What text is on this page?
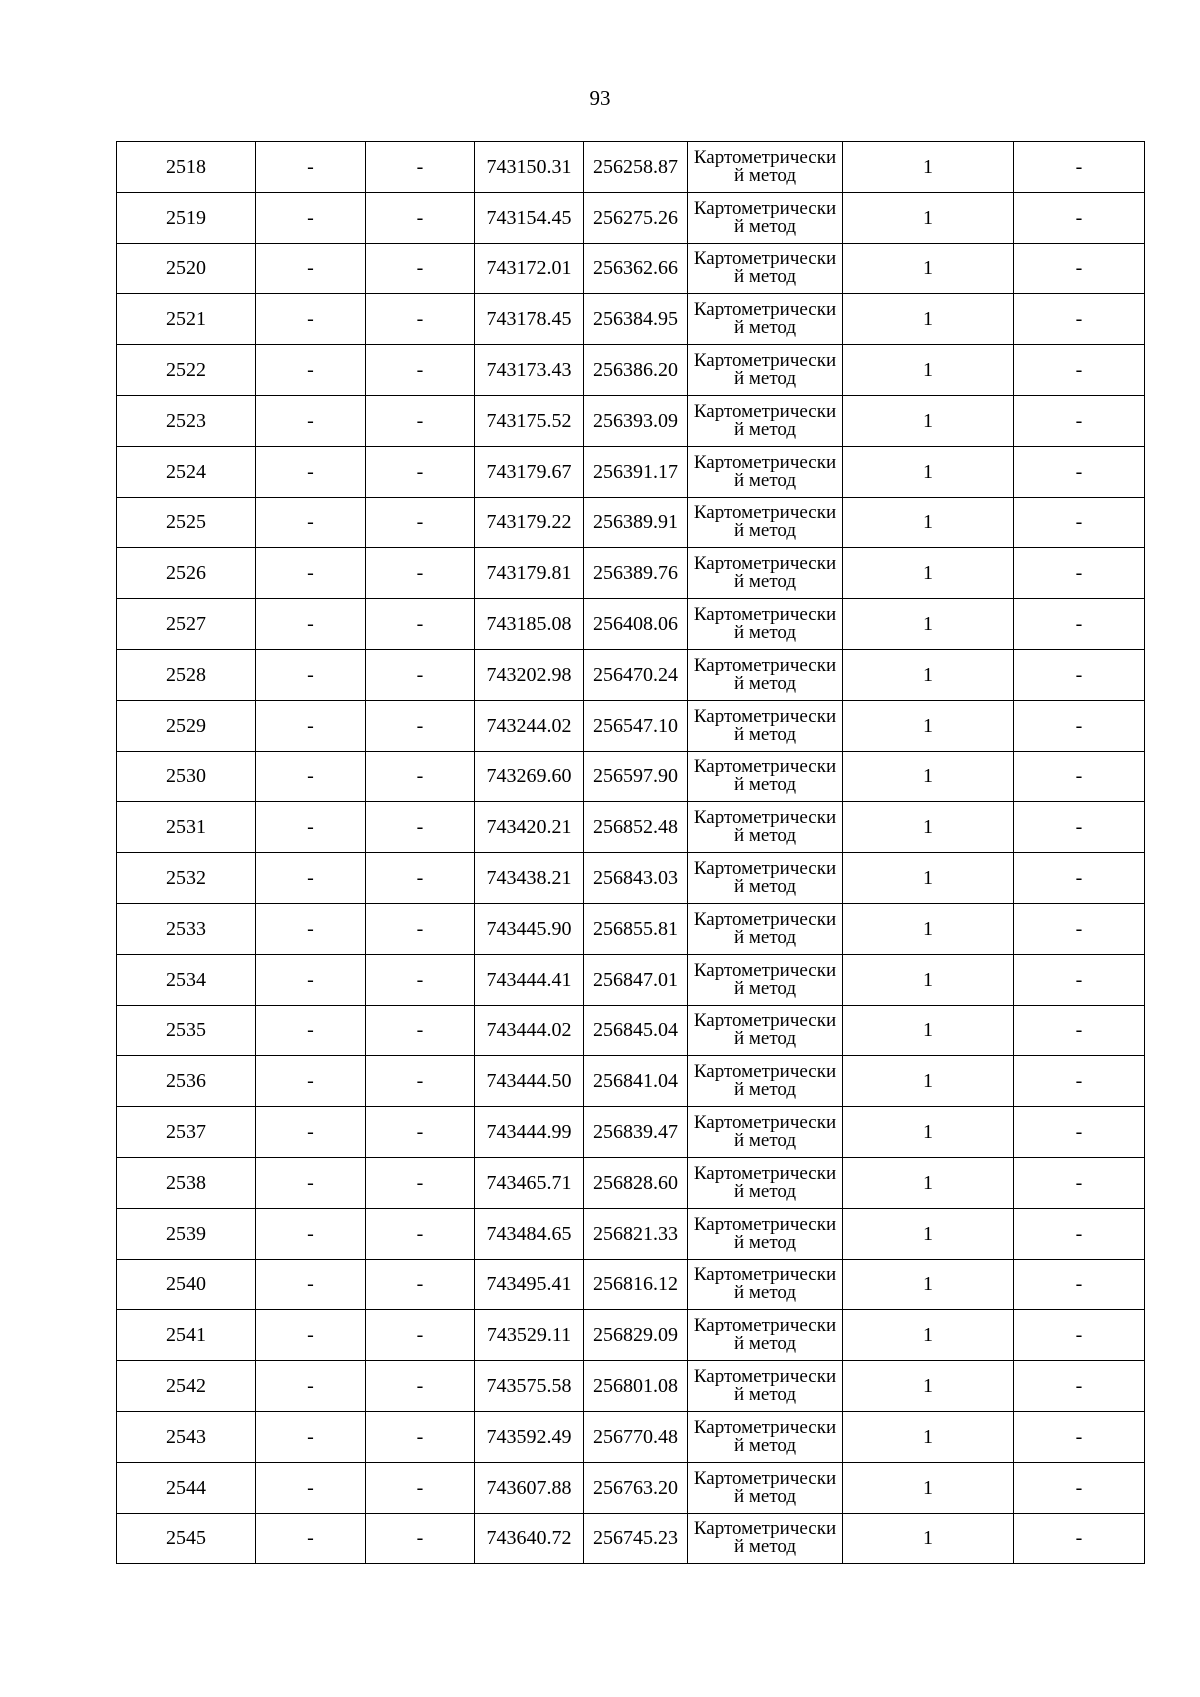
93
2518	-	-	743150.31	256258.87	Картометрический метод	1	-
2519	-	-	743154.45	256275.26	Картометрический метод	1	-
2520	-	-	743172.01	256362.66	Картометрический метод	1	-
2521	-	-	743178.45	256384.95	Картометрический метод	1	-
2522	-	-	743173.43	256386.20	Картометрический метод	1	-
2523	-	-	743175.52	256393.09	Картометрический метод	1	-
2524	-	-	743179.67	256391.17	Картометрический метод	1	-
2525	-	-	743179.22	256389.91	Картометрический метод	1	-
2526	-	-	743179.81	256389.76	Картометрический метод	1	-
2527	-	-	743185.08	256408.06	Картометрический метод	1	-
2528	-	-	743202.98	256470.24	Картометрический метод	1	-
2529	-	-	743244.02	256547.10	Картометрический метод	1	-
2530	-	-	743269.60	256597.90	Картометрический метод	1	-
2531	-	-	743420.21	256852.48	Картометрический метод	1	-
2532	-	-	743438.21	256843.03	Картометрический метод	1	-
2533	-	-	743445.90	256855.81	Картометрический метод	1	-
2534	-	-	743444.41	256847.01	Картометрический метод	1	-
2535	-	-	743444.02	256845.04	Картометрический метод	1	-
2536	-	-	743444.50	256841.04	Картометрический метод	1	-
2537	-	-	743444.99	256839.47	Картометрический метод	1	-
2538	-	-	743465.71	256828.60	Картометрический метод	1	-
2539	-	-	743484.65	256821.33	Картометрический метод	1	-
2540	-	-	743495.41	256816.12	Картометрический метод	1	-
2541	-	-	743529.11	256829.09	Картометрический метод	1	-
2542	-	-	743575.58	256801.08	Картометрический метод	1	-
2543	-	-	743592.49	256770.48	Картометрический метод	1	-
2544	-	-	743607.88	256763.20	Картометрический метод	1	-
2545	-	-	743640.72	256745.23	Картометрический метод	1	-
